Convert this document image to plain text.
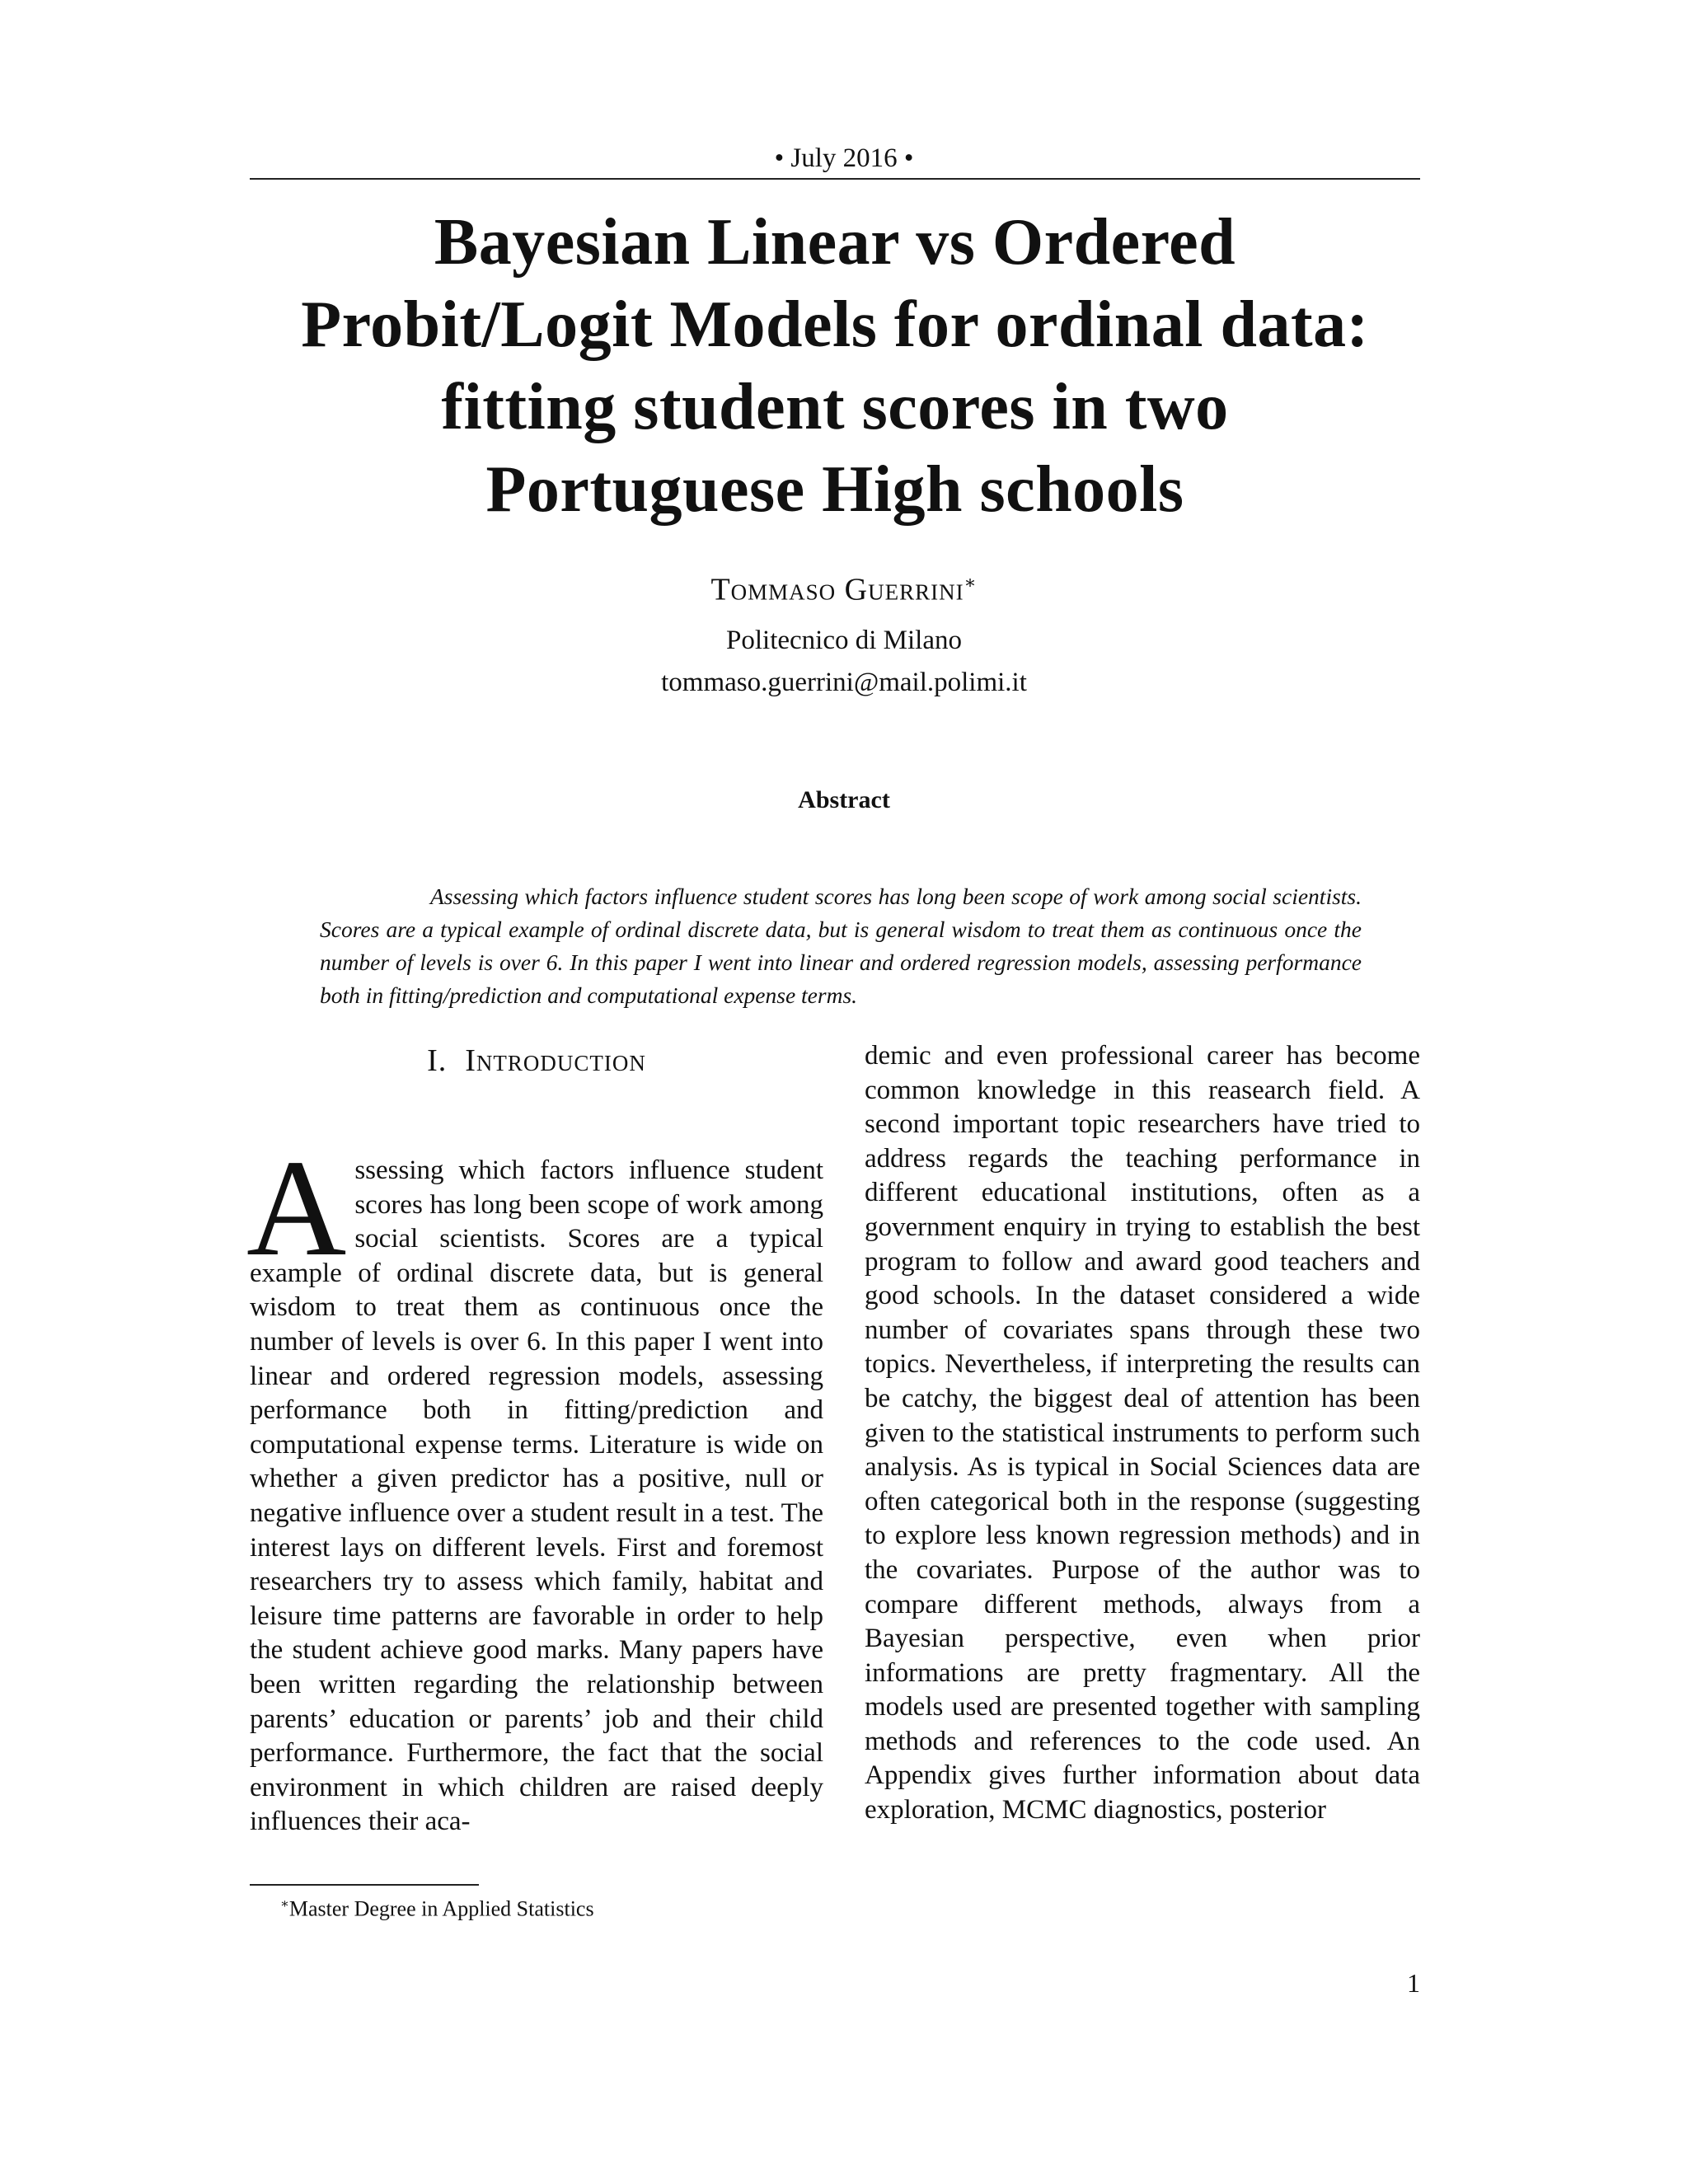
• July 2016 •
Bayesian Linear vs Ordered
Probit/Logit Models for ordinal data:
fitting student scores in two
Portuguese High schools
Tommaso Guerrini∗
Politecnico di Milano
tommaso.guerrini@mail.polimi.it
Abstract
Assessing which factors influence student scores has long been scope of work among social scientists. Scores are a typical example of ordinal discrete data, but is general wisdom to treat them as continuous once the number of levels is over 6. In this paper I went into linear and ordered regression models, assessing performance both in fitting/prediction and computational expense terms.
I. Introduction
Assessing which factors influence student scores has long been scope of work among social scientists. Scores are a typical example of ordinal discrete data, but is general wisdom to treat them as continuous once the number of levels is over 6. In this paper I went into linear and ordered regression models, assessing performance both in fitting/prediction and computational expense terms. Literature is wide on whether a given predictor has a positive, null or negative influence over a student result in a test. The interest lays on different levels. First and foremost researchers try to assess which family, habitat and leisure time patterns are favorable in order to help the student achieve good marks. Many papers have been written regarding the relationship between parents’ education or parents’ job and their child performance. Furthermore, the fact that the social environment in which children are raised deeply influences their aca-
demic and even professional career has become common knowledge in this reasearch field. A second important topic researchers have tried to address regards the teaching performance in different educational institutions, often as a government enquiry in trying to establish the best program to follow and award good teachers and good schools. In the dataset considered a wide number of covariates spans through these two topics. Nevertheless, if interpreting the results can be catchy, the biggest deal of attention has been given to the statistical instruments to perform such analysis. As is typical in Social Sciences data are often categorical both in the response (suggesting to explore less known regression methods) and in the covariates. Purpose of the author was to compare different methods, always from a Bayesian perspective, even when prior informations are pretty fragmentary. All the models used are presented together with sampling methods and references to the code used. An Appendix gives further information about data exploration, MCMC diagnostics, posterior
∗Master Degree in Applied Statistics
1
